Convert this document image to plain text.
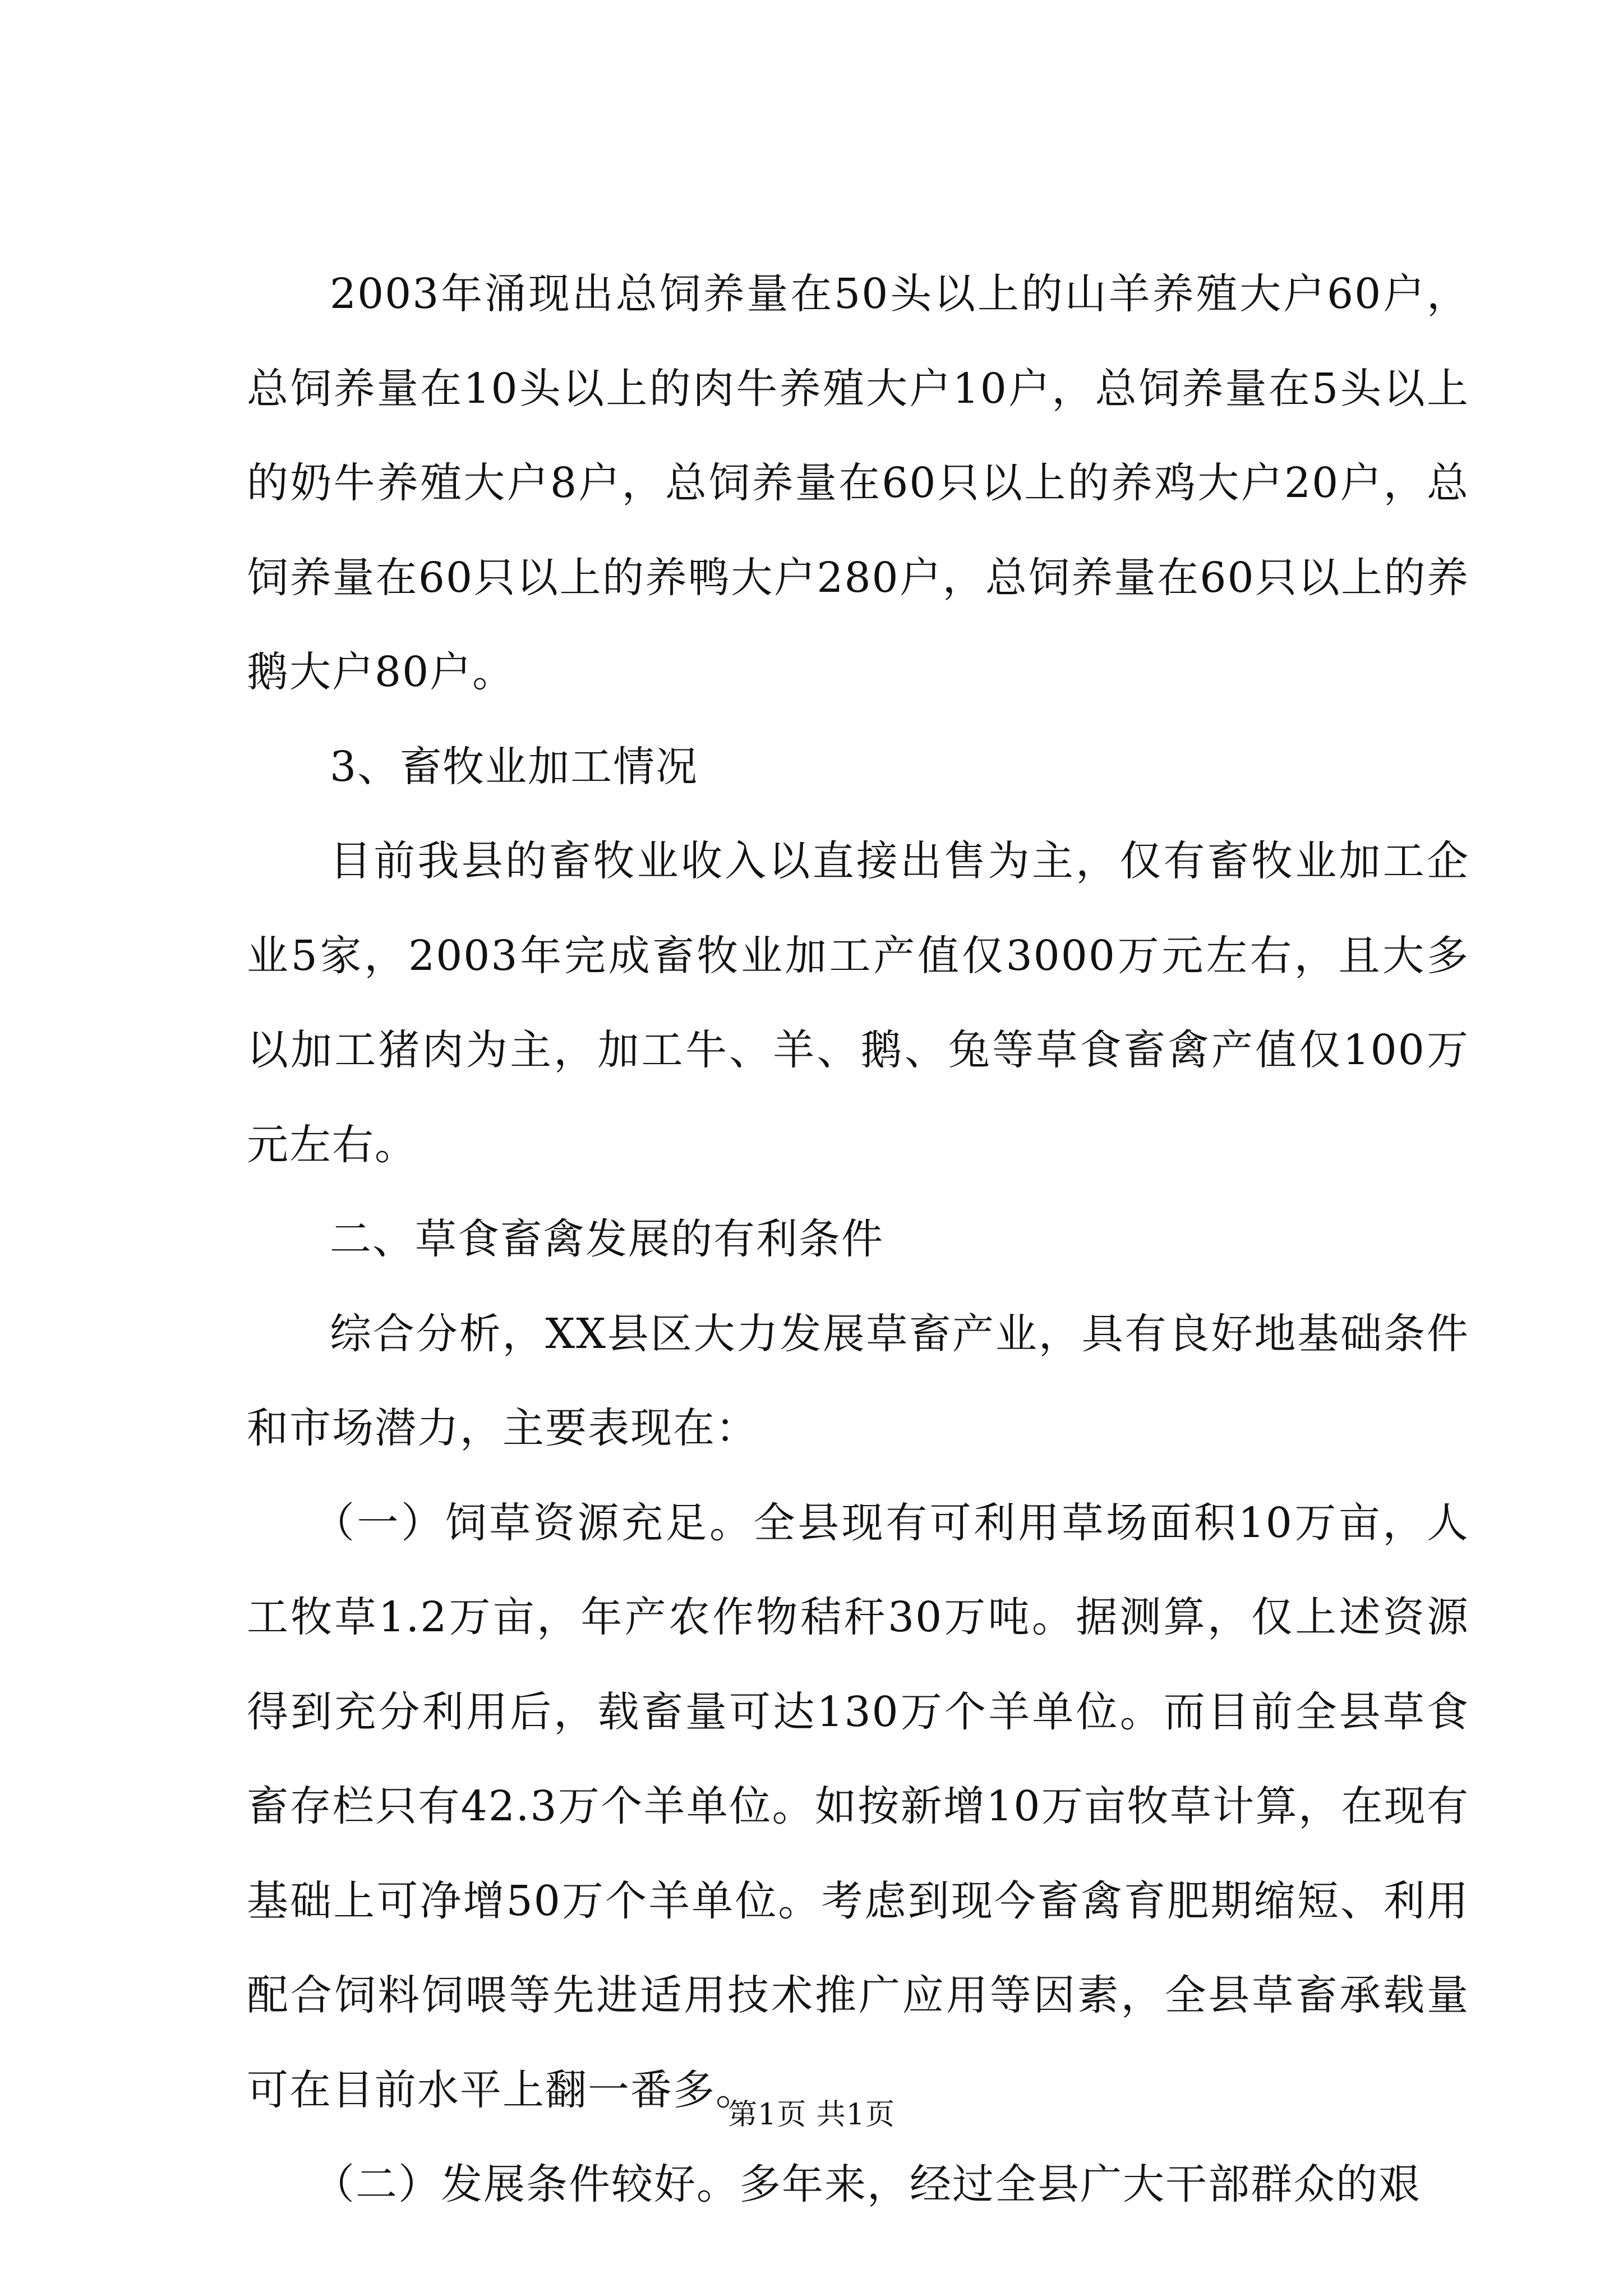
2003年涌现出总饲养量在50头以上的山羊养殖大户60户，总饲养量在10头以上的肉牛养殖大户10户，总饲养量在5头以上的奶牛养殖大户8户，总饲养量在60只以上的养鸡大户20户，总饲养量在60只以上的养鸭大户280户，总饲养量在60只以上的养鹅大户80户。

3、畜牧业加工情况

目前我县的畜牧业收入以直接出售为主，仅有畜牧业加工企业5家，2003年完成畜牧业加工产值仅3000万元左右，且大多以加工猪肉为主，加工牛、羊、鹅、兔等草食畜禽产值仅100万元左右。

二、草食畜禽发展的有利条件

综合分析，XX县区大力发展草畜产业，具有良好地基础条件和市场潜力，主要表现在：

（一）饲草资源充足。全县现有可利用草场面积10万亩，人工牧草1.2万亩，年产农作物秸秆30万吨。据测算，仅上述资源得到充分利用后，载畜量可达130万个羊单位。而目前全县草食畜存栏只有42.3万个羊单位。如按新增10万亩牧草计算，在现有基础上可净增50万个羊单位。考虑到现今畜禽育肥期缩短、利用配合饲料饲喂等先进适用技术推广应用等因素，全县草畜承载量可在目前水平上翻一番多。

（二）发展条件较好。多年来，经过全县广大干部群众的艰

第1页 共1页
